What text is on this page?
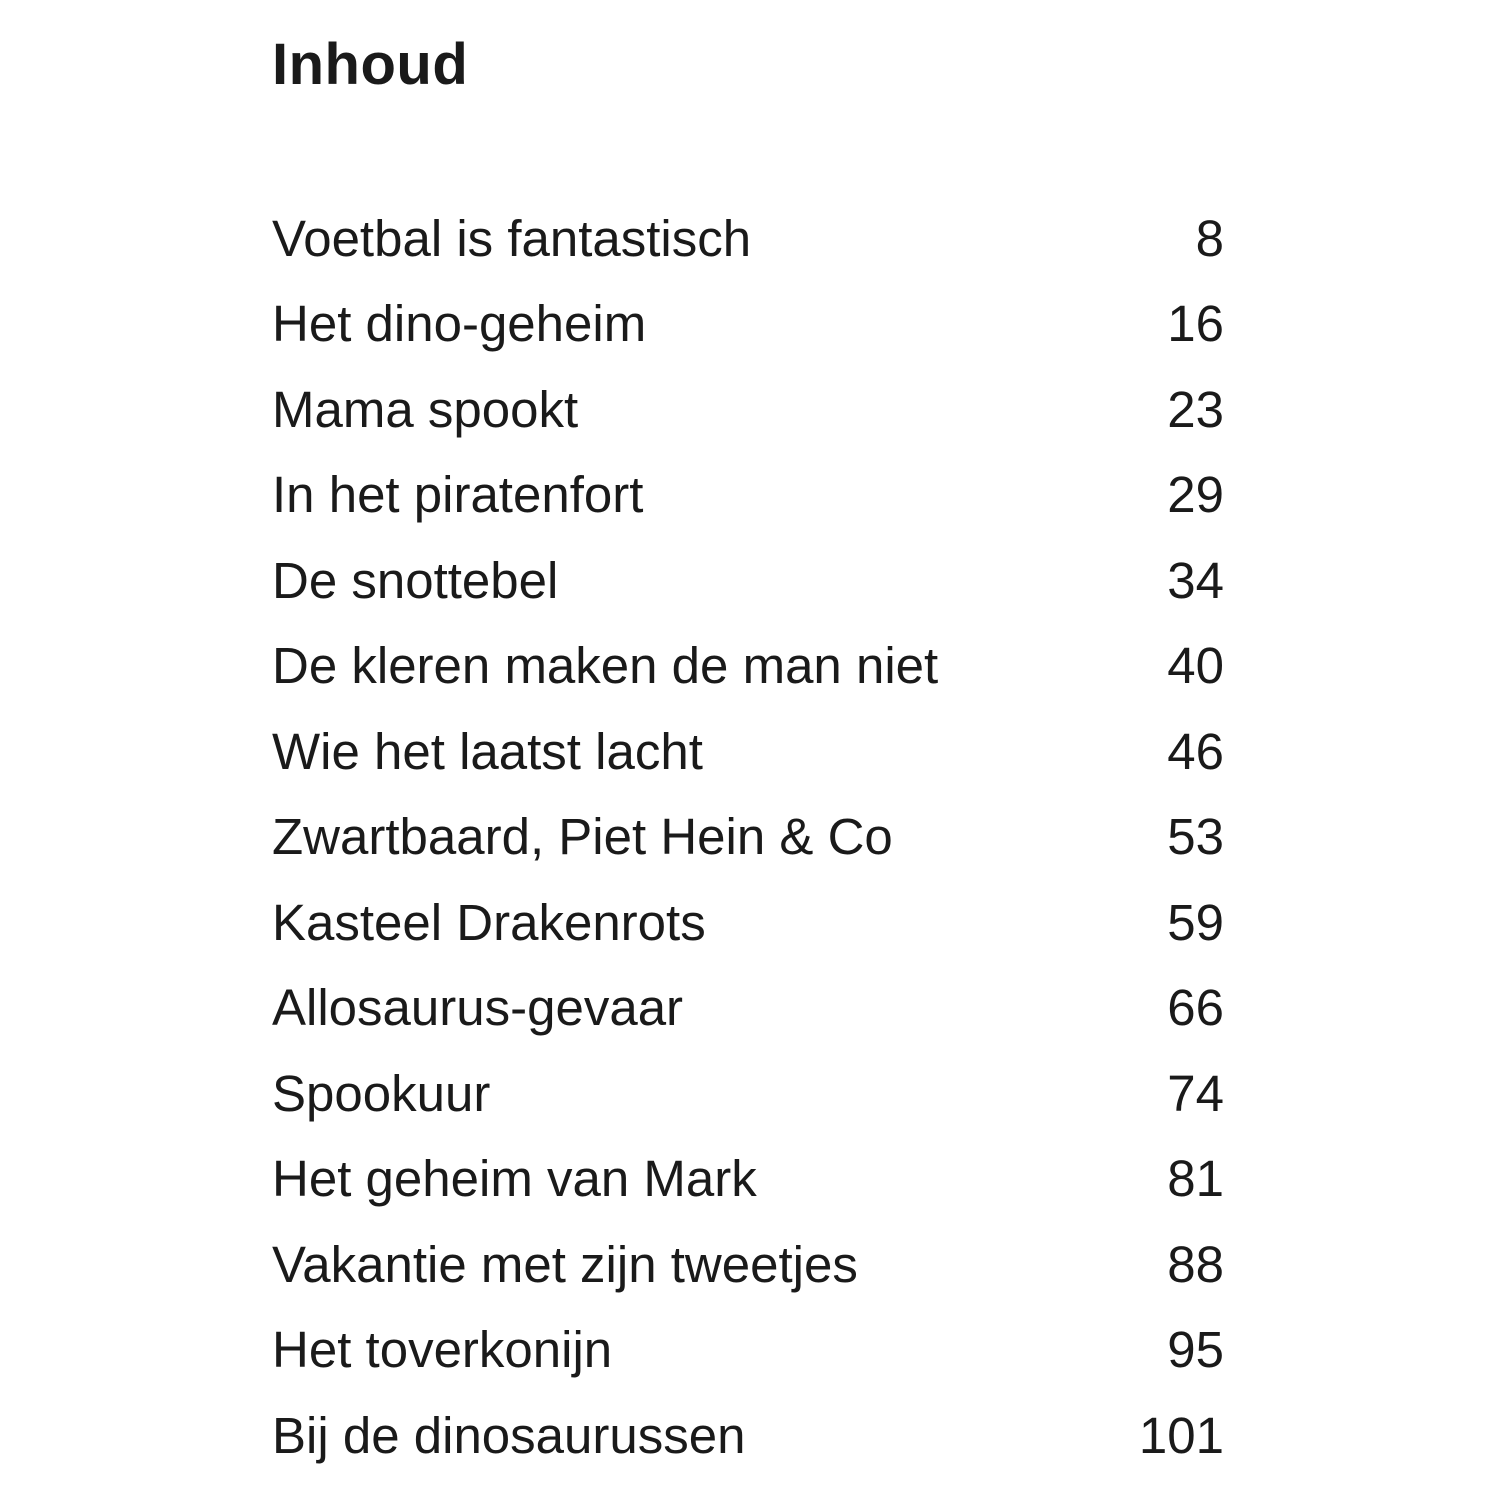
Inhoud
Voetbal is fantastisch	8
Het dino-geheim	16
Mama spookt	23
In het piratenfort	29
De snottebel	34
De kleren maken de man niet	40
Wie het laatst lacht	46
Zwartbaard, Piet Hein & Co	53
Kasteel Drakenrots	59
Allosaurus-gevaar	66
Spookuur	74
Het geheim van Mark	81
Vakantie met zijn tweetjes	88
Het toverkonijn	95
Bij de dinosaurussen	101
